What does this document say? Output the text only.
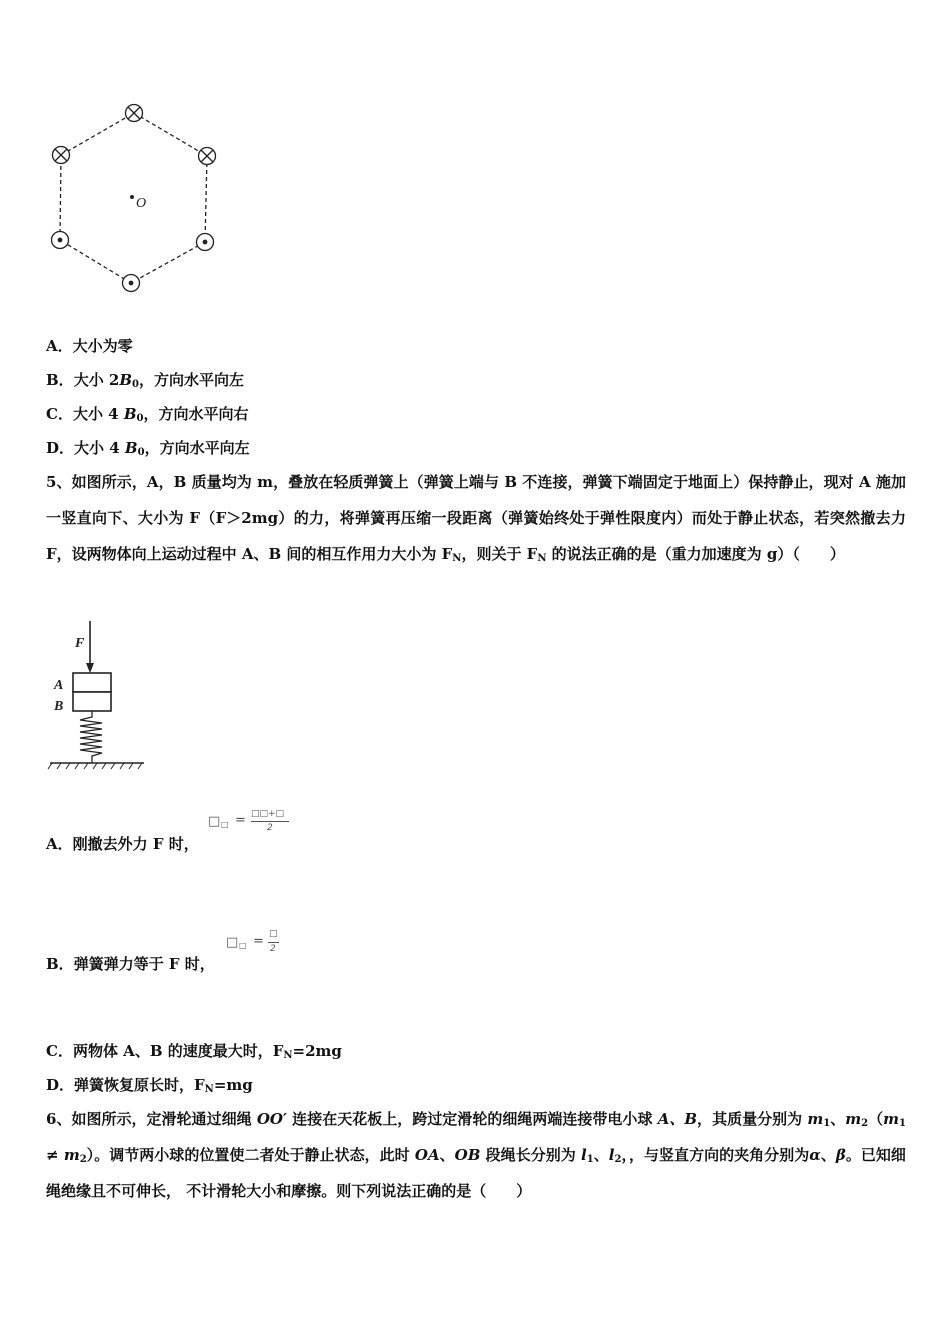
O
A．大小为零
B．大小 $2B_0$，方向水平向左
C．大小 4 $B_0$，方向水平向右
D．大小 4 $B_0$，方向水平向左
5、如图所示，A，B 质量均为 m，叠放在轻质弹簧上（弹簧上端与 B 不连接，弹簧下端固定于地面上）保持静止，现对 A 施加一竖直向下、大小为 F（F＞2mg）的力，将弹簧再压缩一段距离（弹簧始终处于弹性限度内）而处于静止状态，若突然撤去力 F，设两物体向上运动过程中 A、B 间的相互作用力大小为 $F_N$，则关于 $F_N$ 的说法正确的是（重力加速度为 g）（　　）
F
A
B
A．刚撤去外力 F 时，
□ □ = □□+□
2
B．弹簧弹力等于 F 时，
□ □ = □
2
C．两物体 A、B 的速度最大时，$F_N=2mg$
D．弹簧恢复原长时，$F_N=mg$
6、如图所示，定滑轮通过细绳 OO′ 连接在天花板上，跨过定滑轮的细绳两端连接带电小球 A、B，其质量分别为 $m_1$、$m_2(m_1 \ne m_2)$。调节两小球的位置使二者处于静止状态，此时 OA、OB 段绳长分别为 $l_1$、$l_2$，，与竖直方向的夹角分别为α、β。已知细绳绝缘且不可伸长， 不计滑轮大小和摩擦。则下列说法正确的是（　　）
